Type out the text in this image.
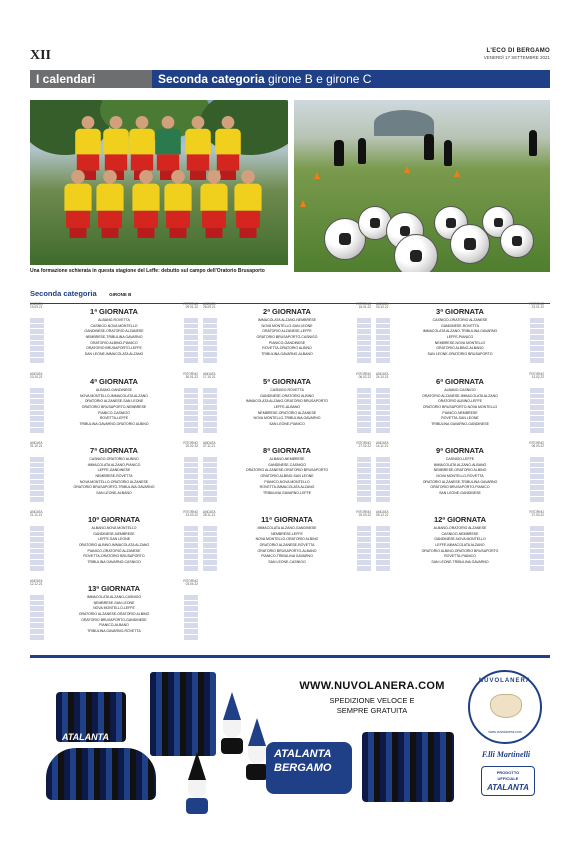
XII	L'ECO DI BERGAMO
VENERDÌ 17 SETTEMBRE 2021
I calendari	Seconda categoria girone B e girone C
Una formazione schierata in questa stagione del Leffe: debutto sul campo dell'Oratorio Brusaporto
Seconda categoria	GIRONE B
ANDATA
19.09.21
RITORNO
09.01.22
1ª GIORNATA
ALBANO-ROVETTA
CASNIGO-NOVA MONTELLO
GANDINESE-ORATORIO ALZANESE
NEMBRESE-TRIBULINA GAVARNO
ORATORIO ALBINO-PIANICO
ORATORIO BRUSAPORTO-LEFFE
SAN LEONE-IMMACOLATA ALZANO
ANDATA
26.09.21
RITORNO
16.01.22
2ª GIORNATA
IMMACOLATA ALZANO-NEMBRESE
NOVA MONTELLO-SAN LEONE
ORATORIO ALZANESE-LEFFE
ORATORIO BRUSAPORTO-CASNIGO
PIANICO-GANDINESE
ROVETTA-ORATORIO ALBINO
TRIBULINA GAVARNO-ALBANO
ANDATA
03.10.21
RITORNO
23.01.22
3ª GIORNATA
CASNIGO-ORATORIO ALZANESE
GANDINESE-ROVETTA
IMMACOLATA ALZANO-TRIBULINA GAVARNO
LEFFE-PIANICO
NEMBRESE-NOVA MONTELLO
ORATORIO ALBINO-ALBANO
SAN LEONE-ORATORIO BRUSAPORTO
ANDATA
10.10.21
RITORNO
30.01.22
4ª GIORNATA
ALBANO-GANDINESE
NOVA MONTELLO-IMMACOLATA ALZANO
ORATORIO ALZANESE-SAN LEONE
ORATORIO BRUSAPORTO-NEMBRESE
PIANICO-CASNIGO
ROVETTA-LEFFE
TRIBULINA GAVARNO-ORATORIO ALBINO
ANDATA
17.10.21
RITORNO
06.02.22
5ª GIORNATA
CASNIGO-ROVETTA
GANDINESE-ORATORIO ALBINO
IMMACOLATA ALZANO-ORATORIO BRUSAPORTO
LEFFE-ALBANO
NEMBRESE-ORATORIO ALZANESE
NOVA MONTELLO-TRIBULINA GAVARNO
SAN LEONE-PIANICO
ANDATA
24.10.21
RITORNO
13.02.22
6ª GIORNATA
ALBANO-CASNIGO
ORATORIO ALZANESE-IMMACOLATA ALZANO
ORATORIO ALBINO-LEFFE
ORATORIO BRUSAPORTO-NOVA MONTELLO
PIANICO-NEMBRESE
ROVETTA-SAN LEONE
TRIBULINA GAVARNO-GANDINESE
ANDATA
31.10.21
RITORNO
20.02.22
7ª GIORNATA
CASNIGO-ORATORIO ALBINO
IMMACOLATA ALZANO-PIANICO
LEFFE-GANDINESE
NEMBRESE-ROVETTA
NOVA MONTELLO-ORATORIO ALZANESE
ORATORIO BRUSAPORTO-TRIBULINA GAVARNO
SAN LEONE-ALBANO
ANDATA
07.11.21
RITORNO
27.02.22
8ª GIORNATA
ALBANO-NEMBRESE
GANDINESE-CASNIGO
ORATORIO ALZANESE-ORATORIO BRUSAPORTO
ORATORIO ALBINO-SAN LEONE
PIANICO-NOVA MONTELLO
ROVETTA-IMMACOLATA ALZANO
TRIBULINA GAVARNO-LEFFE
ANDATA
14.11.21
RITORNO
06.03.22
9ª GIORNATA
CASNIGO-LEFFE
IMMACOLATA ALZANO-ALBANO
NEMBRESE-ORATORIO ALBINO
NOVA MONTELLO-ROVETTA
ORATORIO ALZANESE-TRIBULINA GAVARNO
ORATORIO BRUSAPORTO-PIANICO
SAN LEONE-GANDINESE
ANDATA
21.11.21
RITORNO
13.03.22
10ª GIORNATA
ALBANO-NOVA MONTELLO
GANDINESE-NEMBRESE
LEFFE-SAN LEONE
ORATORIO ALBINO-IMMACOLATA ALZANO
PIANICO-ORATORIO ALZANESE
ROVETTA-ORATORIO BRUSAPORTO
TRIBULINA GAVARNO-CASNIGO
ANDATA
28.11.21
RITORNO
20.03.22
11ª GIORNATA
IMMACOLATA ALZANO-GANDINESE
NEMBRESE-LEFFE
NOVA MONTELLO-ORATORIO ALBINO
ORATORIO ALZANESE-ROVETTA
ORATORIO BRUSAPORTO-ALBANO
PIANICO-TRIBULINA GAVARNO
SAN LEONE-CASNIGO
ANDATA
05.12.21
RITORNO
27.03.22
12ª GIORNATA
ALBANO-ORATORIO ALZANESE
CASNIGO-NEMBRESE
GANDINESE-NOVA MONTELLO
LEFFE-IMMACOLATA ALZANO
ORATORIO ALBINO-ORATORIO BRUSAPORTO
ROVETTA-PIANICO
SAN LEONE-TRIBULINA GAVARNO
ANDATA
12.12.21
RITORNO
03.04.22
13ª GIORNATA
IMMACOLATA ALZANO-CASNIGO
NEMBRESE-SAN LEONE
NOVA MONTELLO-LEFFE
ORATORIO ALZANESE-ORATORIO ALBINO
ORATORIO BRUSAPORTO-GANDINESE
PIANICO-ALBANO
TRIBULINA GAVARNO-ROVETTA
ATALANTA
ATALANTA
BERGAMO
WWW.NUVOLANERA.COM
SPEDIZIONE VELOCE E
SEMPRE GRATUITA
NUVOLANERA
www.nuvolanera.com
F.lli Martinelli
PRODOTTO
UFFICIALE
ATALANTA
